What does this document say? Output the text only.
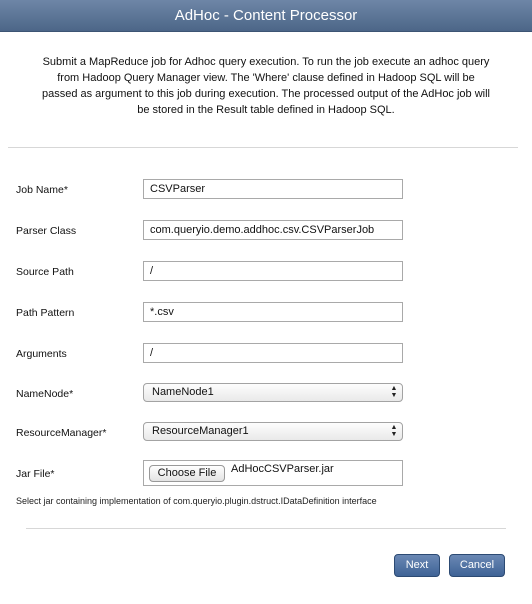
AdHoc - Content Processor
Submit a MapReduce job for Adhoc query execution. To run the job execute an adhoc query from Hadoop Query Manager view. The 'Where' clause defined in Hadoop SQL will be passed as argument to this job during execution. The processed output of the AdHoc job will be stored in the Result table defined in Hadoop SQL.
Job Name*
CSVParser
Parser Class
com.queryio.demo.addhoc.csv.CSVParserJob
Source Path
/
Path Pattern
*.csv
Arguments
/
NameNode*	NameNode1	▲
▼
ResourceManager*	ResourceManager1	▲
▼
Jar File*	Choose File	AdHocCSVParser.jar
Select jar containing implementation of com.queryio.plugin.dstruct.IDataDefinition interface
Next	Cancel
